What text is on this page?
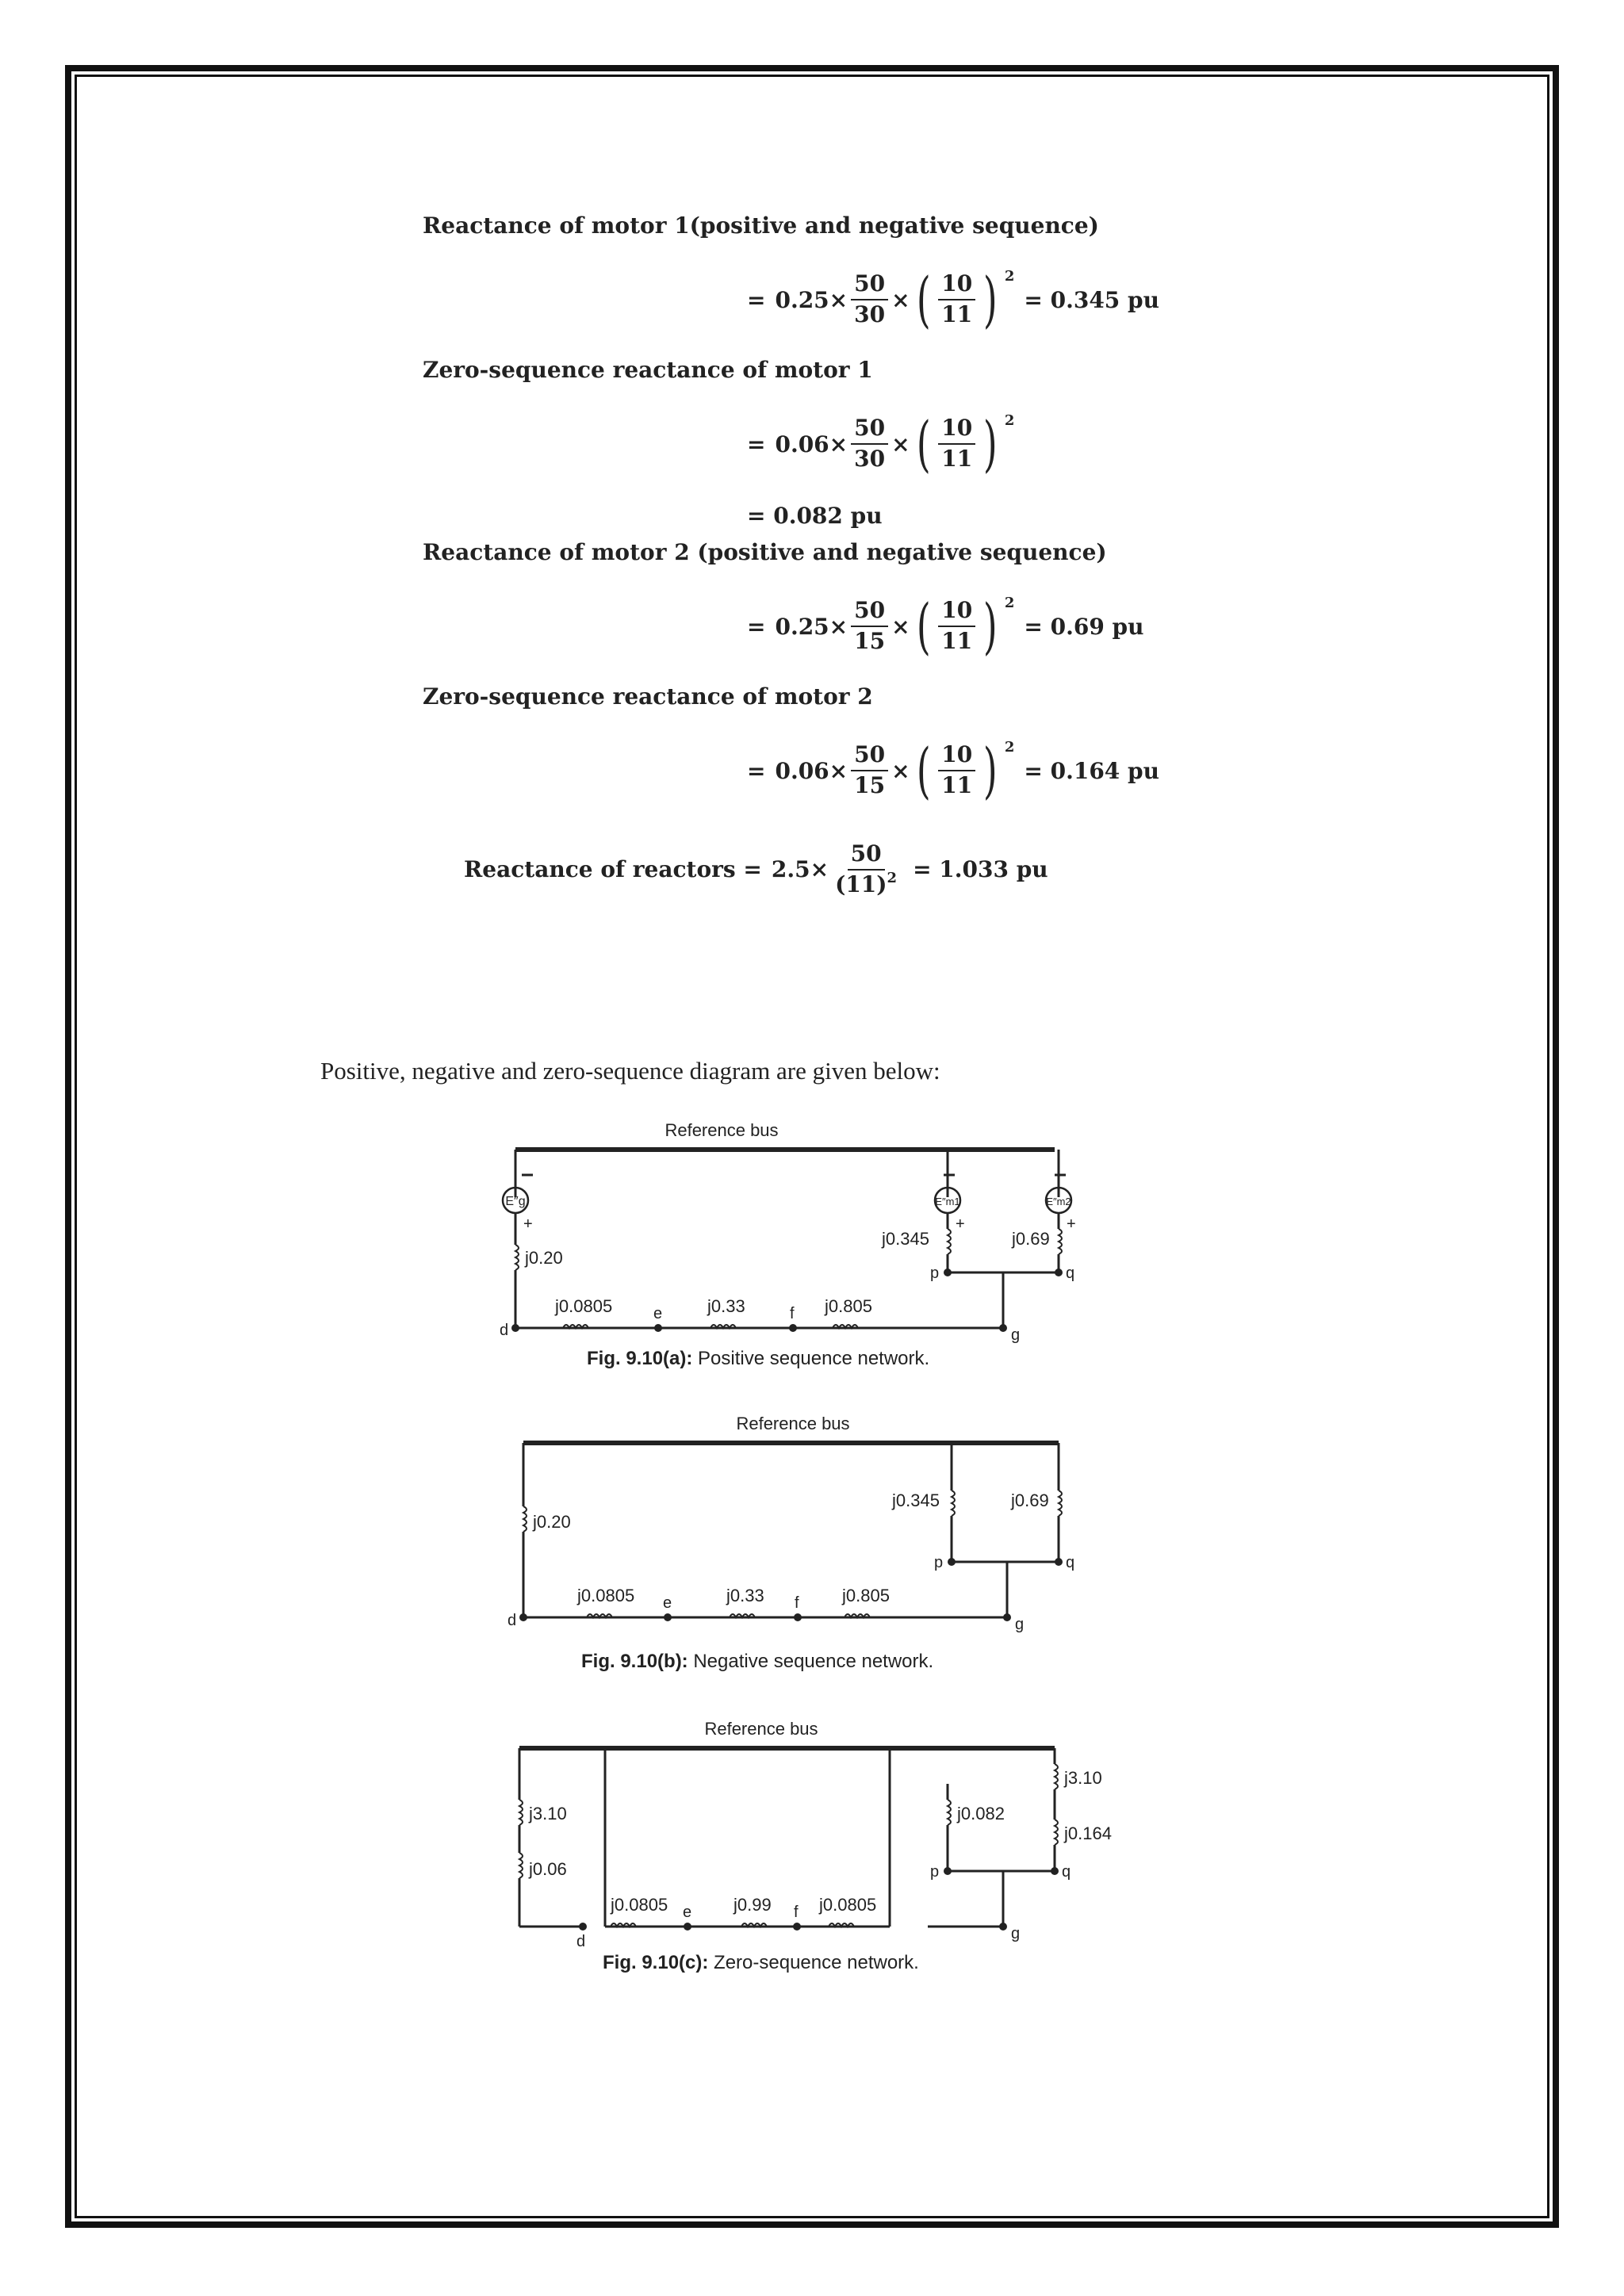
Reactance of motor 1(positive and negative sequence)
= $0.25 \times \frac{50}{30}$ × ( $\frac{10}{11}$ ) 2
= 0.345 pu
Zero-sequence reactance of motor 1
= $0.06 \times \frac{50}{30}$ × ( $\frac{10}{11}$ ) 2
= 0.082 pu
Reactance of motor 2 (positive and negative sequence)
= $0.25 \times \frac{50}{15}$ × ( $\frac{10}{11}$ ) 2
= 0.69 pu
Zero-sequence reactance of motor 2
= $0.06 \times \frac{50}{15}$ × ( $\frac{10}{11}$ ) 2
= 0.164 pu
Reactance of reactors = $2.5 \times \frac{50}{(11)^2} = 1.033$ pu
Positive, negative and zero-sequence diagram are given below:
Reference bus
E″g	E″m1	E″m2
+	+	+
j0.20
j0.345	j0.69
j0.0805	j0.33	j0.805
d
e	f
g
p	q
Fig. 9.10(a): Positive sequence network.
Reference bus
j0.20
j0.345	j0.69
j0.0805	j0.33	j0.805
d
e	f
g
p	q
Fig. 9.10(b): Negative sequence network.
Reference bus
j3.10
j0.06
j0.082
j3.10
j0.164
j0.0805	j0.99	j0.0805
d
e	f
g
p	q
Fig. 9.10(c): Zero-sequence network.
